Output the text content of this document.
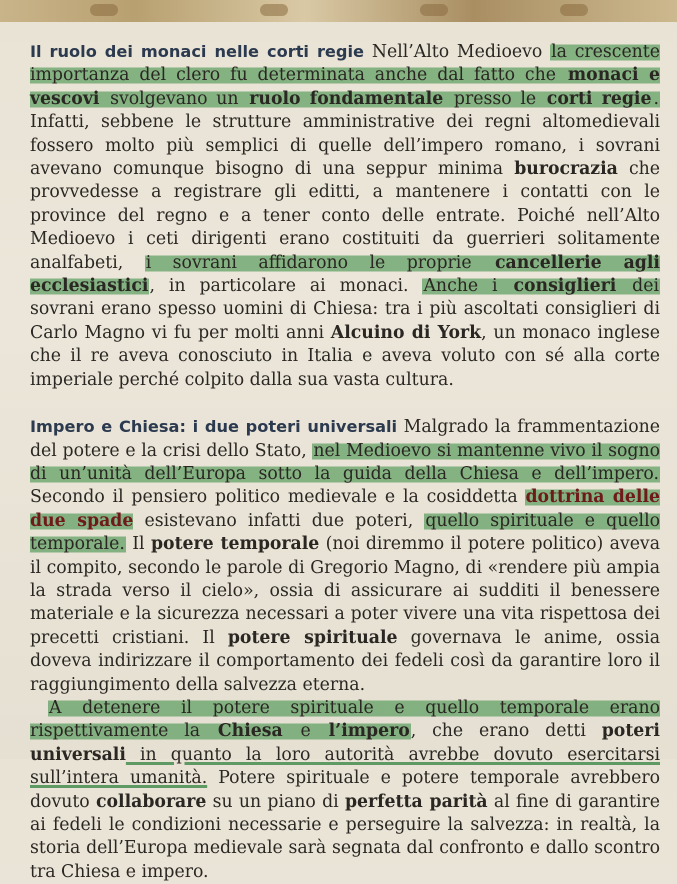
Il ruolo dei monaci nelle corti regie Nell’Alto Medioevo la crescente importanza del clero fu determinata anche dal fatto che monaci e vescovi svolgevano un ruolo fondamentale presso le corti regie . Infatti, sebbene le strutture amministrative dei regni altomedievali fossero molto più semplici di quelle dell’impero romano, i sovrani avevano comunque bisogno di una seppur minima burocrazia che provvedesse a registrare gli editti, a mantenere i contatti con le province del regno e a tener conto delle entrate. Poiché nell’Alto Medioevo i ceti dirigenti erano costituiti da guerrieri solitamente analfabeti, i sovrani affidarono le proprie cancellerie agli ecclesiastici, in particolare ai monaci. Anche i consiglieri dei sovrani erano spesso uomini di Chiesa: tra i più ascoltati consiglieri di Carlo Magno vi fu per molti anni Alcuino di York, un monaco inglese che il re aveva conosciuto in Italia e aveva voluto con sé alla corte imperiale perché colpito dalla sua vasta cultura.

Impero e Chiesa: i due poteri universali Malgrado la frammentazione del potere e la crisi dello Stato, nel Medioevo si mantenne vivo il sogno di un’unità dell’Europa sotto la guida della Chiesa e dell’impero. Secondo il pensiero politico medievale e la cosiddetta dottrina delle due spade esistevano infatti due poteri, quello spirituale e quello temporale. Il potere temporale (noi diremmo il potere politico) aveva il compito, secondo le parole di Gregorio Magno, di «rendere più ampia la strada verso il cielo», ossia di assicurare ai sudditi il benessere materiale e la sicurezza necessari a poter vivere una vita rispettosa dei precetti cristiani. Il potere spirituale governava le anime, ossia doveva indirizzare il comportamento dei fedeli così da garantire loro il raggiungimento della salvezza eterna.

A detenere il potere spirituale e quello temporale erano rispettivamente la Chiesa e l’impero, che erano detti poteri universali in quanto la loro autorità avrebbe dovuto esercitarsi sull’intera umanità. Potere spirituale e potere temporale avrebbero dovuto collaborare su un piano di perfetta parità al fine di garantire ai fedeli le condizioni necessarie e perseguire la salvezza: in realtà, la storia dell’Europa medievale sarà segnata dal confronto e dallo scontro tra Chiesa e impero.
